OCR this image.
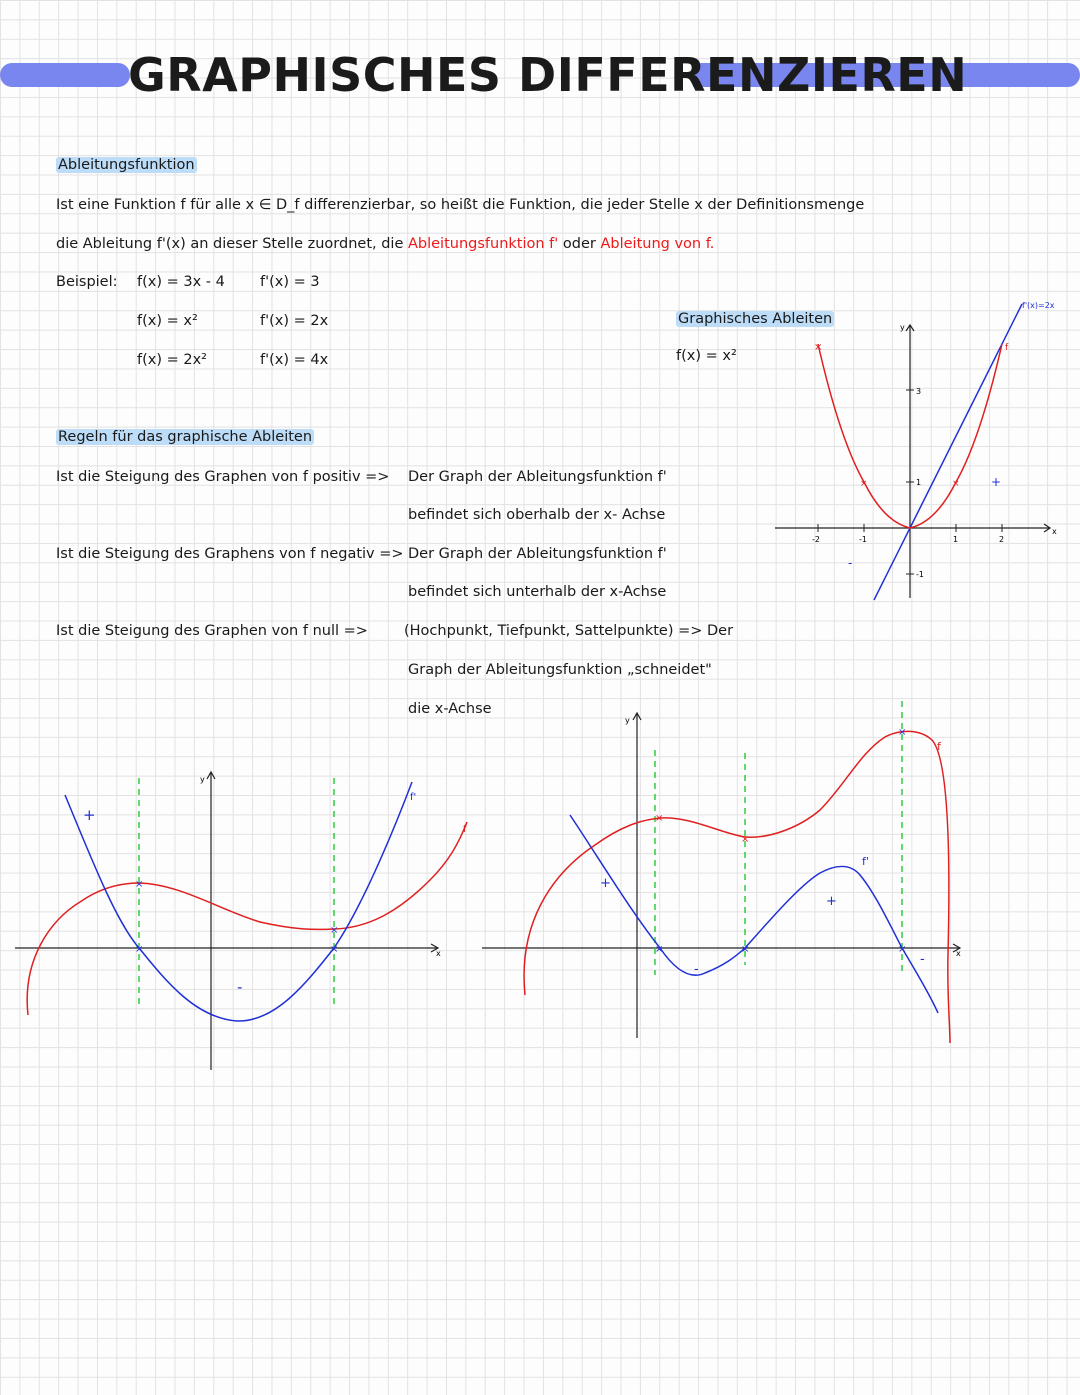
GRAPHISCHES DIFFERENZIEREN
Ableitungsfunktion
Ist eine Funktion f für alle x ∈ D_f differenzierbar, so heißt die Funktion, die jeder Stelle x der Definitionsmenge
die Ableitung f'(x) an dieser Stelle zuordnet, die Ableitungsfunktion f' oder Ableitung von f.
Beispiel: f(x) = 3x - 4 f'(x) = 3
f(x) = x²	f'(x) = 2x
f(x) = 2x²	f'(x) = 4x
Graphisches Ableiten
f(x) = x²
-2	-1	1	2
1
3
-1
y
x
f'(x)=2x
f
×
×	×	+
-
Regeln für das graphische Ableiten
Ist die Steigung des Graphen von f positiv => Der Graph der Ableitungsfunktion f'
befindet sich oberhalb der x- Achse
Ist die Steigung des Graphens von f negativ => Der Graph der Ableitungsfunktion f'
befindet sich unterhalb der x-Achse
Ist die Steigung des Graphen von f null => (Hochpunkt, Tiefpunkt, Sattelpunkte) => Der
Graph der Ableitungsfunktion „schneidet"
die x-Achse
y
x
f
f'
×
×
×	×
+
-
y
x
f
f'
×
×
×
×	×	×
+
+
-
-
